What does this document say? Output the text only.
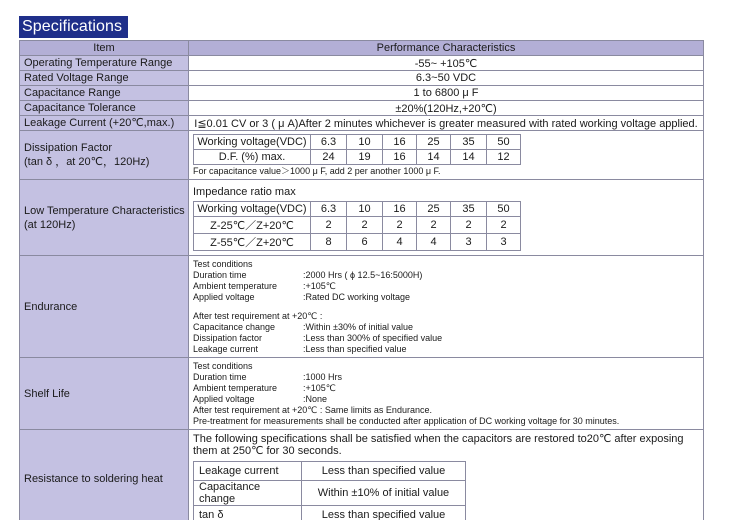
Specifications
Item	Performance Characteristics
Operating Temperature Range	-55~ +105℃
Rated Voltage Range	6.3~50 VDC
Capacitance Range	1 to 6800 μ F
Capacitance Tolerance	±20%(120Hz,+20℃)
Leakage Current (+20℃,max.)	I≦0.01 CV or 3 ( μ A)After 2 minutes whichever is greater measured with rated working voltage applied.

Dissipation Factor
(tan δ ，at 20℃，120Hz)

Working voltage(VDC)	6.3	10	16	25	35	50
D.F. (%) max.	24	19	16	14	14	12
For capacitance value＞1000 μ F, add 2 per another 1000 μ F.

Low Temperature Characteristics
(at 120Hz)

Impedance ratio max
Working voltage(VDC)	6.3	10	16	25	35	50
Z-25℃／Z+20℃	2	2	2	2	2	2
Z-55℃／Z+20℃	8	6	4	4	3	3

Endurance	
Test conditions
Duration time	:2000 Hrs ( ϕ 12.5~16:5000H)
Ambient temperature	:+105℃
Applied voltage	:Rated DC working voltage
After test requirement at +20℃ :
Capacitance change	:Within ±30% of initial value
Dissipation factor	:Less than 300% of specified value
Leakage current	:Less than specified value

Shelf Life	
Test conditions
Duration time	:1000 Hrs
Ambient temperature	:+105℃
Applied voltage	:None
After test requirement at +20℃ : Same limits as Endurance.
Pre-treatment for measurements shall be conducted after application of DC working voltage for 30 minutes.

Resistance to soldering heat	
The following specifications shall be satisfied when the capacitors are restored to20℃ after exposing them at 250℃ for 30 seconds.
Leakage current	Less than specified value
Capacitance change	Within ±10% of initial value
tan δ	Less than specified value
